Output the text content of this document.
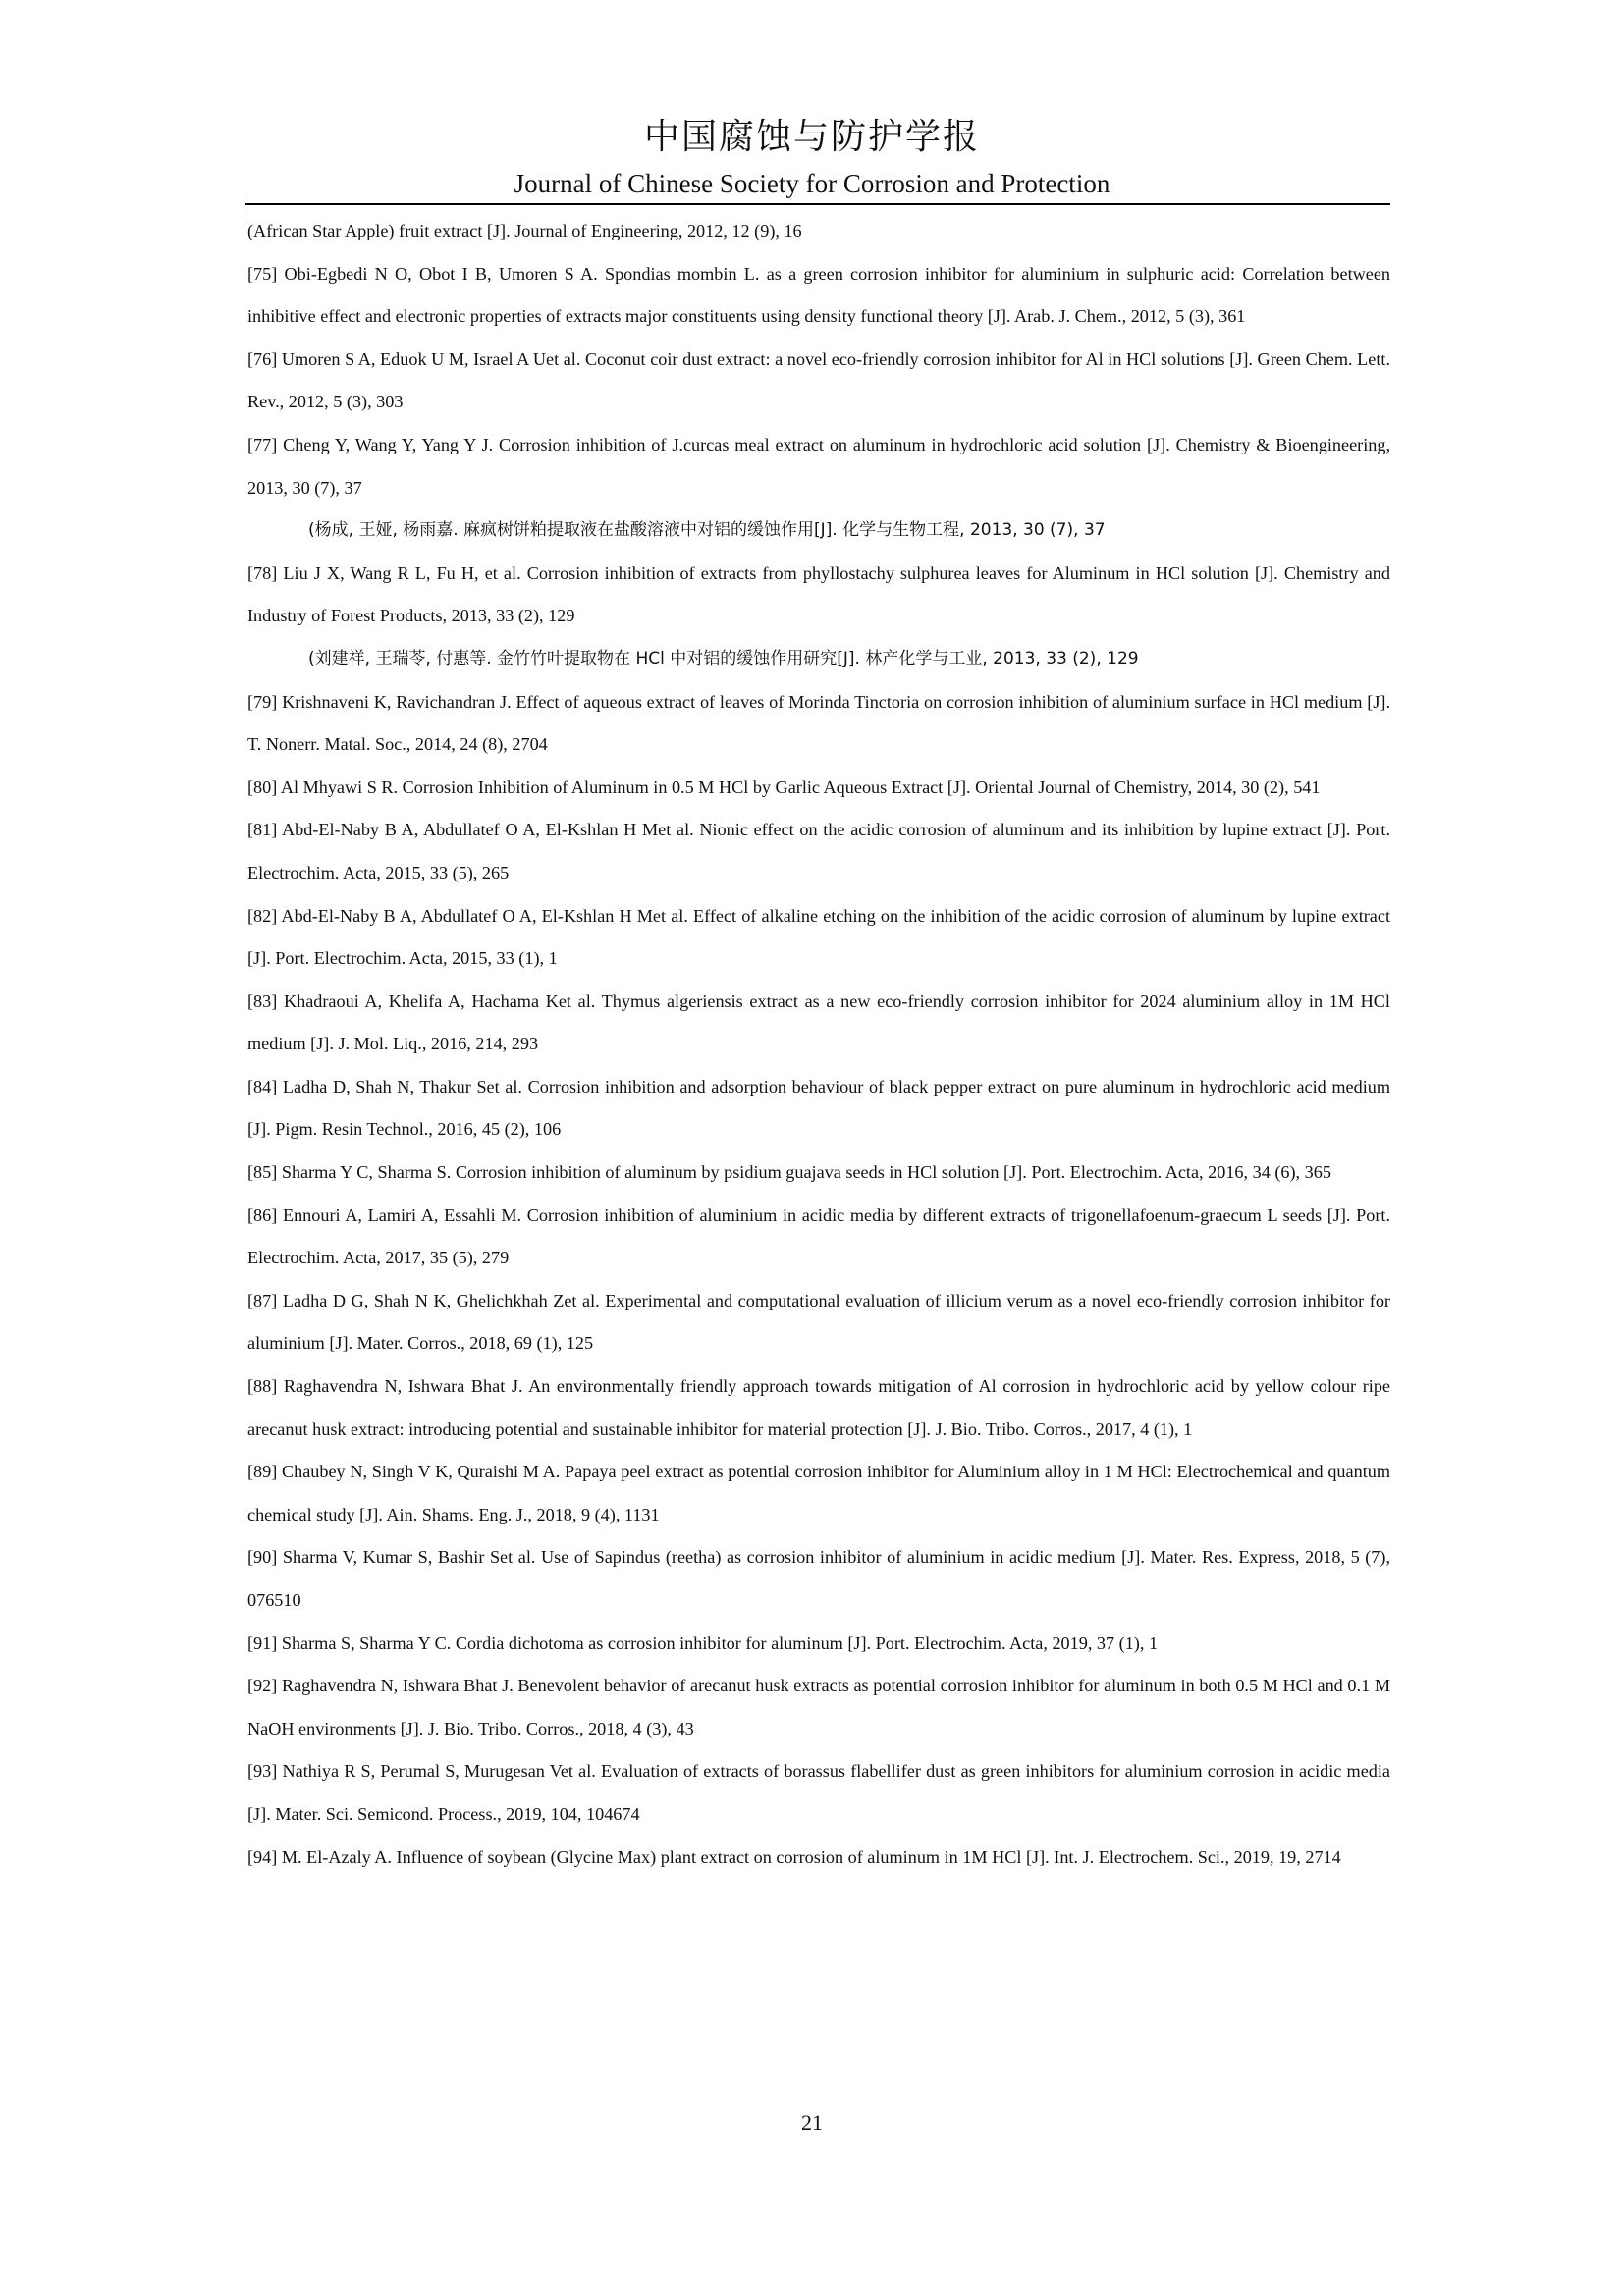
中国腐蚀与防护学报
Journal of Chinese Society for Corrosion and Protection

(African Star Apple) fruit extract [J]. Journal of Engineering, 2012, 12 (9), 16

[75] Obi-Egbedi N O, Obot I B, Umoren S A. Spondias mombin L. as a green corrosion inhibitor for aluminium in sulphuric acid: Correlation between inhibitive effect and electronic properties of extracts major constituents using density functional theory [J]. Arab. J. Chem., 2012, 5 (3), 361

[76] Umoren S A, Eduok U M, Israel A Uet al. Coconut coir dust extract: a novel eco-friendly corrosion inhibitor for Al in HCl solutions [J]. Green Chem. Lett. Rev., 2012, 5 (3), 303

[77] Cheng Y, Wang Y, Yang Y J. Corrosion inhibition of J.curcas meal extract on aluminum in hydrochloric acid solution [J]. Chemistry & Bioengineering, 2013, 30 (7), 37

(杨成, 王娅, 杨雨嘉. 麻疯树饼粕提取液在盐酸溶液中对铝的缓蚀作用[J]. 化学与生物工程, 2013, 30 (7), 37

[78] Liu J X, Wang R L, Fu H, et al. Corrosion inhibition of extracts from phyllostachy sulphurea leaves for Aluminum in HCl solution [J]. Chemistry and Industry of Forest Products, 2013, 33 (2), 129

(刘建祥, 王瑞苓, 付惠等. 金竹竹叶提取物在 HCl 中对铝的缓蚀作用研究[J]. 林产化学与工业, 2013, 33 (2), 129

[79] Krishnaveni K, Ravichandran J. Effect of aqueous extract of leaves of Morinda Tinctoria on corrosion inhibition of aluminium surface in HCl medium [J]. T. Nonerr. Matal. Soc., 2014, 24 (8), 2704

[80] Al Mhyawi S R. Corrosion Inhibition of Aluminum in 0.5 M HCl by Garlic Aqueous Extract [J]. Oriental Journal of Chemistry, 2014, 30 (2), 541

[81] Abd-El-Naby B A, Abdullatef O A, El-Kshlan H Met al. Nionic effect on the acidic corrosion of aluminum and its inhibition by lupine extract [J]. Port. Electrochim. Acta, 2015, 33 (5), 265

[82] Abd-El-Naby B A, Abdullatef O A, El-Kshlan H Met al. Effect of alkaline etching on the inhibition of the acidic corrosion of aluminum by lupine extract [J]. Port. Electrochim. Acta, 2015, 33 (1), 1

[83] Khadraoui A, Khelifa A, Hachama Ket al. Thymus algeriensis extract as a new eco-friendly corrosion inhibitor for 2024 aluminium alloy in 1M HCl medium [J]. J. Mol. Liq., 2016, 214, 293

[84] Ladha D, Shah N, Thakur Set al. Corrosion inhibition and adsorption behaviour of black pepper extract on pure aluminum in hydrochloric acid medium [J]. Pigm. Resin Technol., 2016, 45 (2), 106

[85] Sharma Y C, Sharma S. Corrosion inhibition of aluminum by psidium guajava seeds in HCl solution [J]. Port. Electrochim. Acta, 2016, 34 (6), 365

[86] Ennouri A, Lamiri A, Essahli M. Corrosion inhibition of aluminium in acidic media by different extracts of trigonellafoenum-graecum L seeds [J]. Port. Electrochim. Acta, 2017, 35 (5), 279

[87] Ladha D G, Shah N K, Ghelichkhah Zet al. Experimental and computational evaluation of illicium verum as a novel eco-friendly corrosion inhibitor for aluminium [J]. Mater. Corros., 2018, 69 (1), 125

[88] Raghavendra N, Ishwara Bhat J. An environmentally friendly approach towards mitigation of Al corrosion in hydrochloric acid by yellow colour ripe arecanut husk extract: introducing potential and sustainable inhibitor for material protection [J]. J. Bio. Tribo. Corros., 2017, 4 (1), 1

[89] Chaubey N, Singh V K, Quraishi M A. Papaya peel extract as potential corrosion inhibitor for Aluminium alloy in 1 M HCl: Electrochemical and quantum chemical study [J]. Ain. Shams. Eng. J., 2018, 9 (4), 1131

[90] Sharma V, Kumar S, Bashir Set al. Use of Sapindus (reetha) as corrosion inhibitor of aluminium in acidic medium [J]. Mater. Res. Express, 2018, 5 (7), 076510

[91] Sharma S, Sharma Y C. Cordia dichotoma as corrosion inhibitor for aluminum [J]. Port. Electrochim. Acta, 2019, 37 (1), 1

[92] Raghavendra N, Ishwara Bhat J. Benevolent behavior of arecanut husk extracts as potential corrosion inhibitor for aluminum in both 0.5 M HCl and 0.1 M NaOH environments [J]. J. Bio. Tribo. Corros., 2018, 4 (3), 43

[93] Nathiya R S, Perumal S, Murugesan Vet al. Evaluation of extracts of borassus flabellifer dust as green inhibitors for aluminium corrosion in acidic media [J]. Mater. Sci. Semicond. Process., 2019, 104, 104674

[94] M. El-Azaly A. Influence of soybean (Glycine Max) plant extract on corrosion of aluminum in 1M HCl [J]. Int. J. Electrochem. Sci., 2019, 19, 2714

21
